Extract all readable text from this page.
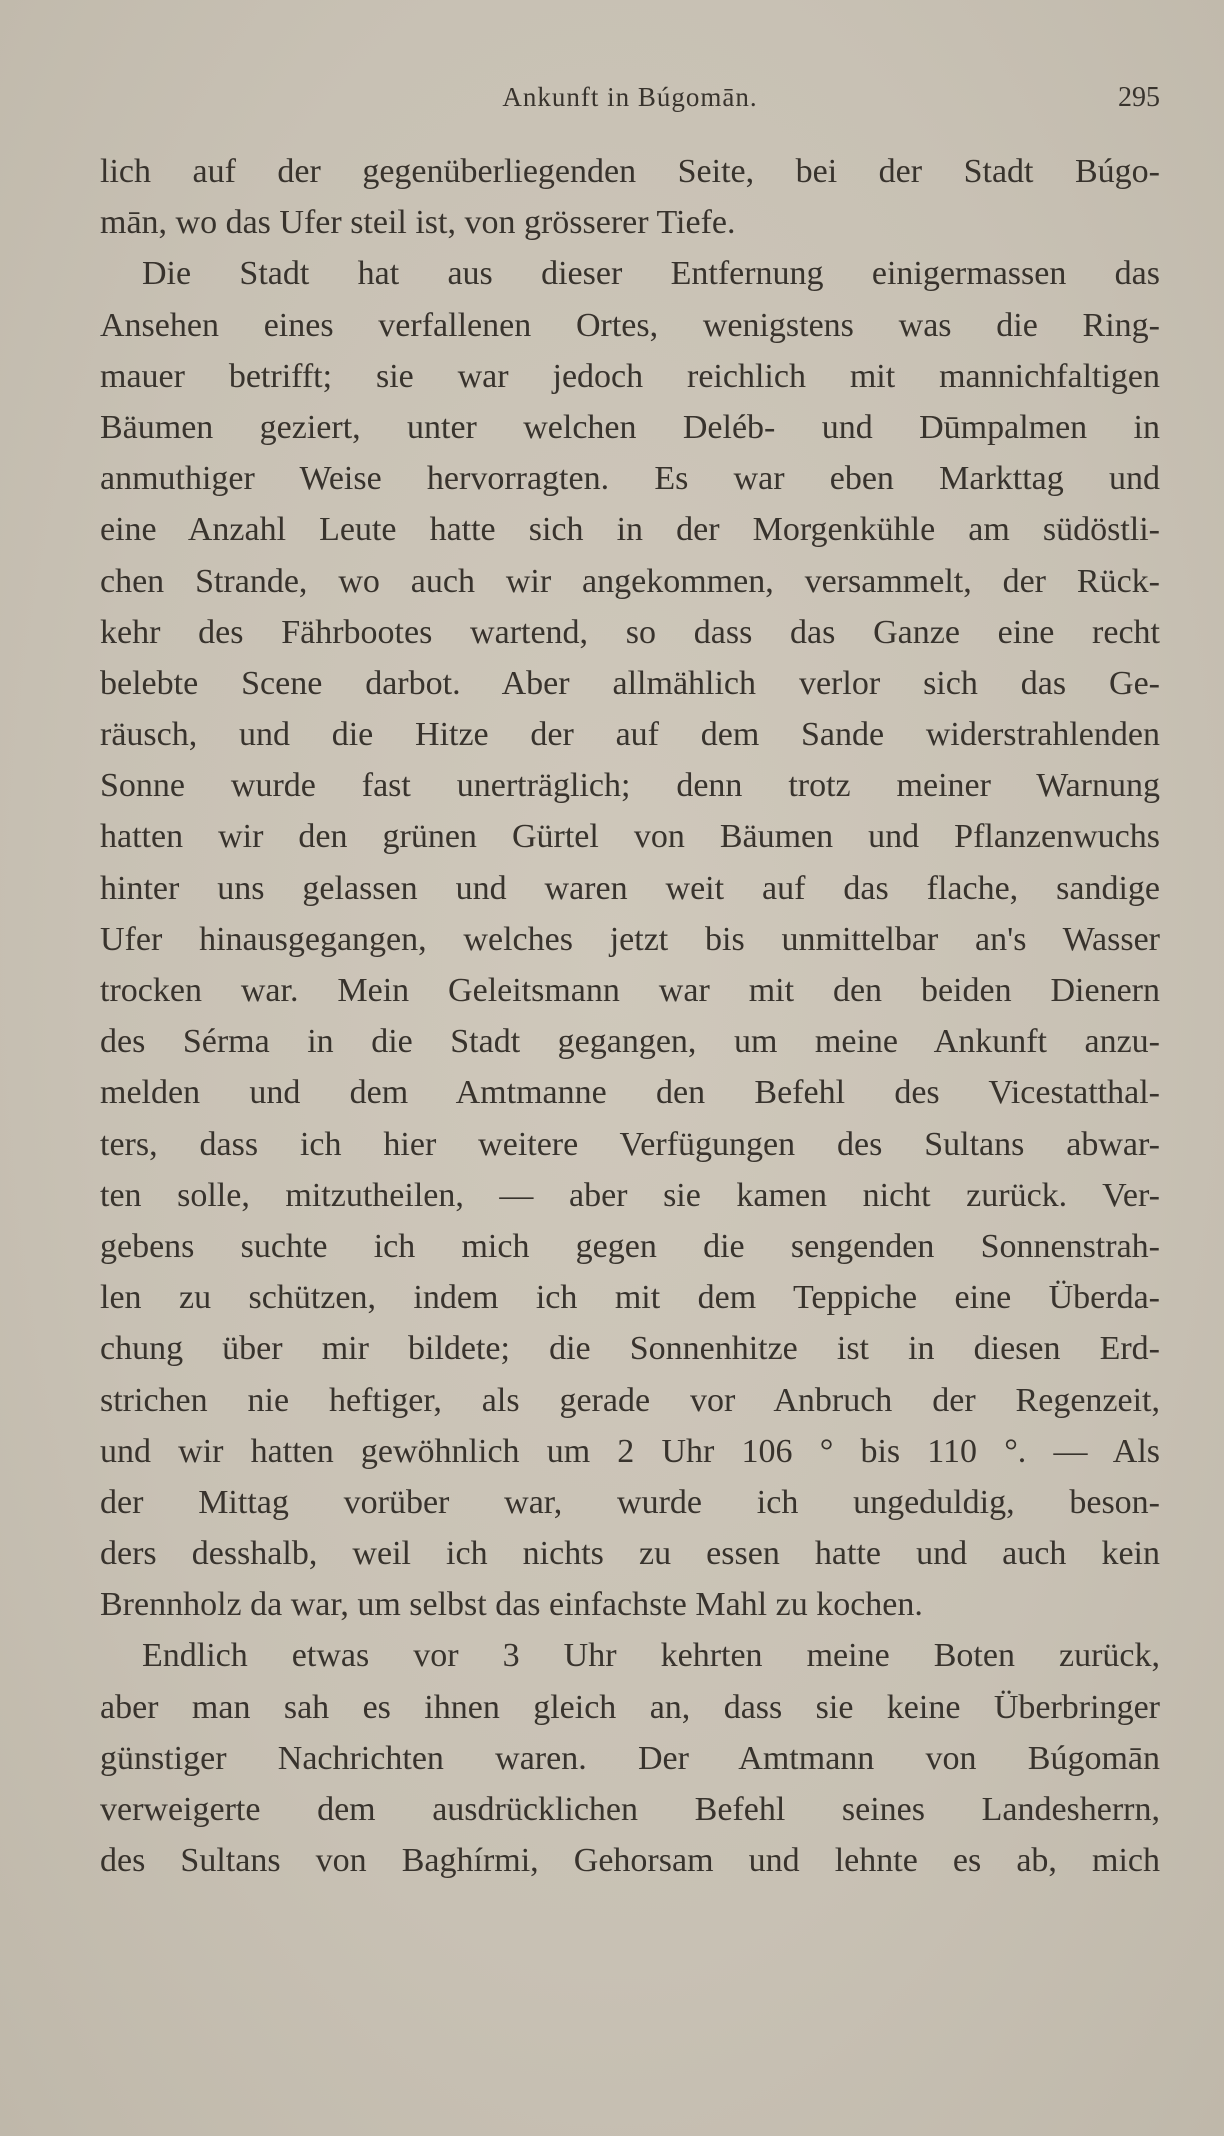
Ankunft in Búgomān.	295
lich auf der gegenüberliegenden Seite, bei der Stadt Búgo-
mān, wo das Ufer steil ist, von grösserer Tiefe.
Die Stadt hat aus dieser Entfernung einigermassen das
Ansehen eines verfallenen Ortes, wenigstens was die Ring-
mauer betrifft; sie war jedoch reichlich mit mannichfaltigen
Bäumen geziert, unter welchen Deléb- und Dūmpalmen in
anmuthiger Weise hervorragten. Es war eben Markttag und
eine Anzahl Leute hatte sich in der Morgenkühle am südöstli-
chen Strande, wo auch wir angekommen, versammelt, der Rück-
kehr des Fährbootes wartend, so dass das Ganze eine recht
belebte Scene darbot. Aber allmählich verlor sich das Ge-
räusch, und die Hitze der auf dem Sande widerstrahlenden
Sonne wurde fast unerträglich; denn trotz meiner Warnung
hatten wir den grünen Gürtel von Bäumen und Pflanzenwuchs
hinter uns gelassen und waren weit auf das flache, sandige
Ufer hinausgegangen, welches jetzt bis unmittelbar an's Wasser
trocken war. Mein Geleitsmann war mit den beiden Dienern
des Sérma in die Stadt gegangen, um meine Ankunft anzu-
melden und dem Amtmanne den Befehl des Vicestatthal-
ters, dass ich hier weitere Verfügungen des Sultans abwar-
ten solle, mitzutheilen, — aber sie kamen nicht zurück. Ver-
gebens suchte ich mich gegen die sengenden Sonnenstrah-
len zu schützen, indem ich mit dem Teppiche eine Überda-
chung über mir bildete; die Sonnenhitze ist in diesen Erd-
strichen nie heftiger, als gerade vor Anbruch der Regenzeit,
und wir hatten gewöhnlich um 2 Uhr 106 ° bis 110 °. — Als
der Mittag vorüber war, wurde ich ungeduldig, beson-
ders desshalb, weil ich nichts zu essen hatte und auch kein
Brennholz da war, um selbst das einfachste Mahl zu kochen.
Endlich etwas vor 3 Uhr kehrten meine Boten zurück,
aber man sah es ihnen gleich an, dass sie keine Überbringer
günstiger Nachrichten waren. Der Amtmann von Búgomān
verweigerte dem ausdrücklichen Befehl seines Landesherrn,
des Sultans von Baghírmi, Gehorsam und lehnte es ab, mich
